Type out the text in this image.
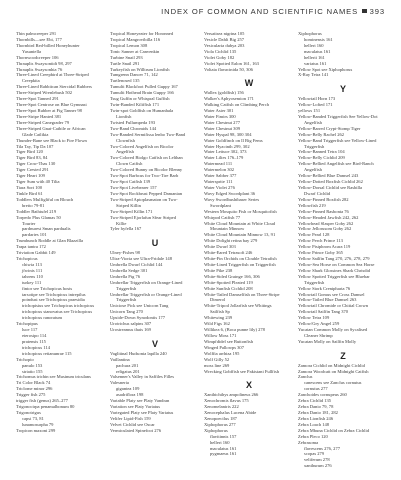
INDEX OF COMMON AND SCIENTIFIC NAMES 393
Thin palmcreeper 291
Thornbills—see Ebi, 177
Thornbird Red-billed Honeyhunter
Yasuniella
Thornwoodcreeper 106
Thrauplis Swaysontidt 98, 297
Thrauplis Swaysonhia 76
Three-Lined Creepbird at Three-Striped
Creepkita
Three-Lined Rabbitcan Siercidal Rubbers
Three-Striped Wrenlebush 502
Three-Spot Tanned 291
Three-Spot Centrose on Blue Gymnast
Three-Spot Rubber at Fig Tanner 98
Three-Stripe Hanted 381
Three-Striped Canegrader 79
Three-Striped Gnat-Catbile or African
Glade Catlikia
Thunder-Bane see Black to Fire Flown
Tila Tay, Tip Da 107
Tiger Bird 120
Tiger Bird 83, 84
Tiger Crow-Thas 130
Tiger Crested 291
Tiger Heart 109
Tiger Sum with 40 Tilia
Tiara Sort 100
Tinkle Bird 61
Toddlers Mulfigliful on Blouch
bretto 79-81
Toddler Bathtufel 219
Torpedo Plus Glamas 50
Tourier
pardnurest Sman pardualis
pardaries 101
Trumbunch Roddle at Glan Blazzilla
Trapa tantra 172
Triviation Gabbit 149
Trichopicus
chiwia 113
jfwinis 111
tahrens 110
turkey 111
fintor see Trichopicus hosts
tarsotipe see Trichopicus intrepilus
poindust see Trichopicus praesidia
trichopisius see Trichopicus trichopicus
trichopicus stanovatus see Trichopicus
trichopicus ranoratum
Trichopipus
luce 117
eterosipo 114
pratensis 115
trichopicus 114
trichopicus retianunrae 115
Trichopio
panulo 153
striatio 155
Trichomus trichin see Musinum triculans
Tri Color Black 74
Triclome minor 296
Trigger fish 275
trigger fish (genus) 265–277
Trigonocirpa penamalbonum 80
Trigonotrigus
capsi 73, 81
lunamosurpha 79
Tropicon maxoni 299
Tropical Honeyeater for Horonned
Tropical Mangrovibilla 116
Tropical Lemon 308
Tonic Sanner at Canvenkin
Turbine Snail 293
Turtle Snail 291
Turkeyfish on Willtrum Lionfish
Tumgrenn Dancer 71, 142
Turtlenosed 135
Tumulti Blackfoot Pulled Guppy 167
Tumulti Hothead Brain Guppy 166
Tsug Guffin or Whispral Guffish
Twin-Banded Kiliffish 171
Twin-spot Goldfish on Humanhala
Lionfish
Twisted Fullumpeda 193
Two-Band Chromids 144
Two-Banded Sermifissa lenbo Two-Band
Clownfish
Two-Colored Angelfish on Bicolor
Angelfish
Two-Colored Biolgo Catfish on Lelthan
Clown Catfish
Two-Colored Bunny on Bicolor Blenny
Two-Spot Barbcus for Two-Tire Barb
Two-Spot Catfish 139
Two-Spot Livebearer 157
Two-Spot Rockbrust Pepped Damanian
Two-Striped Aptoplasmaton on Two-
Striped Killin
Two-Striped Killin 171
Two-Striped Ejorlafun Sfear Striped
Killie
Tyler hyfella 167
U
Ulney-Fishes 98
Ultra-Vioria see Ultra-Fridale 148
Umbrella Dwarf Cichlid 144
Umbrella Sedge 301
Umbrella Pig 76
Umbrellar Triggerfish on Orange-Lined
Triggerfish
Umbrellar Triggerfish or Orange-Lined
Triggerfish
Uniciose Pick see Unicorn Tang
Unicorn Tang 270
Upside-Down Synodontis 177
Urotrichus salpins 307
Urostreamus thais 169
V
Vaglitinal Hudsonia lapilla 240
Vaillantina
pachura 201
religatus 201
Valsenner's Valley in Saffiles Filles
Valesneria
gigantea 109
asadriflora 198
Variable Platy see Platy Vandran
Variation see Platy Variatus
Variegated Platy see Platy Variatus
Velifer Lipid-Fish 159
Velvet Cichlid see Oscar
Vermiculated Spinefoot 276
Versatisea nigrina 105
Vesicle Dahli Big 257
Vesicularia dubya 203
Viola Cichlid 135
Violet Goby 182
Violet Spotted Ealon 161, 163
Voltaia flavacinida 50, 306
W
Wallex (goldfish) 156
Walker's Aphyosemion 171
Walking Catfish on Climbing Perch
Water Aster 301
Water Fimirs 300
Water Chestnut 277
Water Chestnut 309
Water Hyspal 98, 300 304
Water Goldfinch on Il Big Fems
Water Hyacinth 299, 302
Water Lettuce 302, 373
Water Lilies 176–179
Watermead 111
Watermelon 302
Water Sabber 377
Watersprite 111
Water Violet 276
Wavy Edged Swordplant 36
Wavy Swordbushibaser Series
Swordplant
Western Mosquito Fish or Mosquitofish
Whirpod Catfish 77
White Cloud Mountain at White Cloud
Mountain Minnow
White Cloud Mountain Minnow 13, 91
White Dolight retina bay 279
White Dwarf 303
White-Eared Tetrasoft 246
White-Fin Orchids on Clouble Tetrafish
White-Lined Triggerfish on Triggerfish
White Pike 238
White-Sided Grainge 166, 306
White-Spotted Pleated 119
White Sunfish Cichlid 208
White-Tailed Damselfish on Three-Stripe
Dimerol
White-Tripod Jollarfish see Whitings
Sailfish Sp
Whitewing 239
Wild Figs 162
Willikea 6, (Boca punne lily) 278
Willow Moss 171
Wimpfdidel see Buttonfish
Winged Pallowps 307
Wolffia arrhiza 195
Wolf Gilly 52
moss line 269
Wrecking Gobffish see Pakistani Fullfish
X
Xanthichthys ampolineus 266
Xenochromis flavus 175
Xenomelaniris 222
Xenocephalus Lucena Abide
Xenopoecilus 187
Xiphophorus 277
Xiphophorus
flavitinnis 157
helleri 160
maculatus 161
pygmaeus 161
Xiphophorus
hominensis 161
helleri 160
maculatus 161
hellerii 161
variatus 161
Yellow Spot see Xiphophorus
X-Ray Tetra 141
Y
Yellowtail Horn 173
Yellow-Lofted 171
yellows 151
Yellow-Banded Triggerfish See Yellow-Dot
Angelfish
Yellow-Barred Crypt-Stomp Tiger
Yellow-Belly Rachel 262
Yellow-Band Triggerfish see Yellow-Lined
Triggerfish
Yellow-Banned Tetra 104
Yellow-Belly Cichlid 209
Yellow-Bellied Angelfish see Bird-Ranch
Angelfish
Yellow-Bellied Blue Damsel 243
Yellow-Dotted Boxfish Cichlid 262
Yellow-Dorsal Cichlid see Rasbilla
Dwarf Cichlid
Yellow-Finned Boxfish 282
Yellowfish 219
Yellow-Finned Rasbonta 76
Yellow-Headed Jawfish 242, 262
Yellowhead Slasper Goby 262
Yellow Jellorusom Goby 262
Yellow Pearl 128
Yellow Perch Prince 113
Yellow Pisiphrom Acara 119
Yellow Prince Goby 365
Yellow Sailfin Tang 270, 276, 278, 279
Yellow-Sea Horse on Common Sea Horse
Yellow Shark Glossines Shark Chrisdid
Yellow Spotted Triggerfish see Bluebar
Triggerfish
Yellow Stork Crenipharia 76
Yellowtail Gomus see Cross Damsel
Yellow-Tailed Blue Damsel 263
Yellowtail Chromide or Chitial Crown
Yellowtail Sailfin Tang 370
Yellow Tetra 109
Yellow/Gry Angel 259
Yucatan Common Molly on Sycalised
Cleaner Shrimp
Yucatan Molly on Sailfin Molly
Z
Zamora Cichlid on Midnight Cichlid
Zamora Woodcatt on Midnight Catfish
Zanclus
canescens see Zanclus cornutus
cornutus 277
Zanchoides cornupeus 260
Zebra Cichlid 135
Zebra Danio 79, 78
Zebra Danio 181, 282
Zebra Lionfish 246
Zebra Loach 148
Zebra Mbuna Cichlid on Zebra Cichlid
Zebra Pleco 120
Zebrasoma
flavescens 276, 277
scopas 279
veliferum 278
xanthurum 276
